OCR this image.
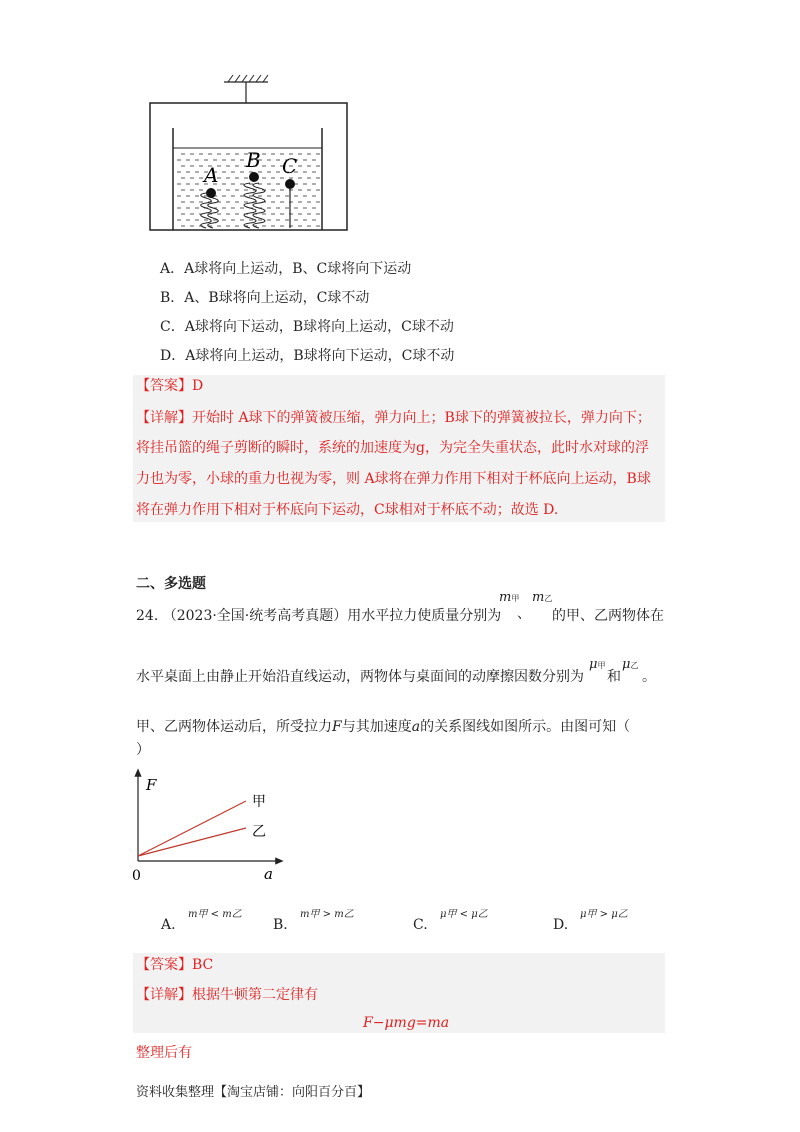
A
B C
A．A球将向上运动，B、C球将向下运动
B．A、B球将向上运动，C球不动
C．A球将向下运动，B球将向上运动，C球不动
D．A球将向上运动，B球将向下运动，C球不动
【答案】D
【详解】开始时 A球下的弹簧被压缩，弹力向上；B球下的弹簧被拉长，弹力向下；
将挂吊篮的绳子剪断的瞬时，系统的加速度为g，为完全失重状态，此时水对球的浮
力也为零，小球的重力也视为零，则 A球将在弹力作用下相对于杯底向上运动，B球
将在弹力作用下相对于杯底向下运动，C球相对于杯底不动；故选 D.
二、多选题
24. （2023·全国·统考高考真题）用水平拉力使质量分别为
m甲
、
m乙
的甲、乙两物体在
水平桌面上由静止开始沿直线运动，两物体与桌面间的动摩擦因数分别为
μ甲
和
μ乙
。
甲、乙两物体运动后，所受拉力F与其加速度a的关系图线如图所示。由图可知（
）
F
a
0
甲
乙
A.
m甲 < m乙
B.
m甲 > m乙
C.
μ甲 < μ乙
D.
μ甲 > μ乙
【答案】BC
【详解】根据牛顿第二定律有
F−μmg=ma
整理后有
资料收集整理【淘宝店铺：向阳百分百】
